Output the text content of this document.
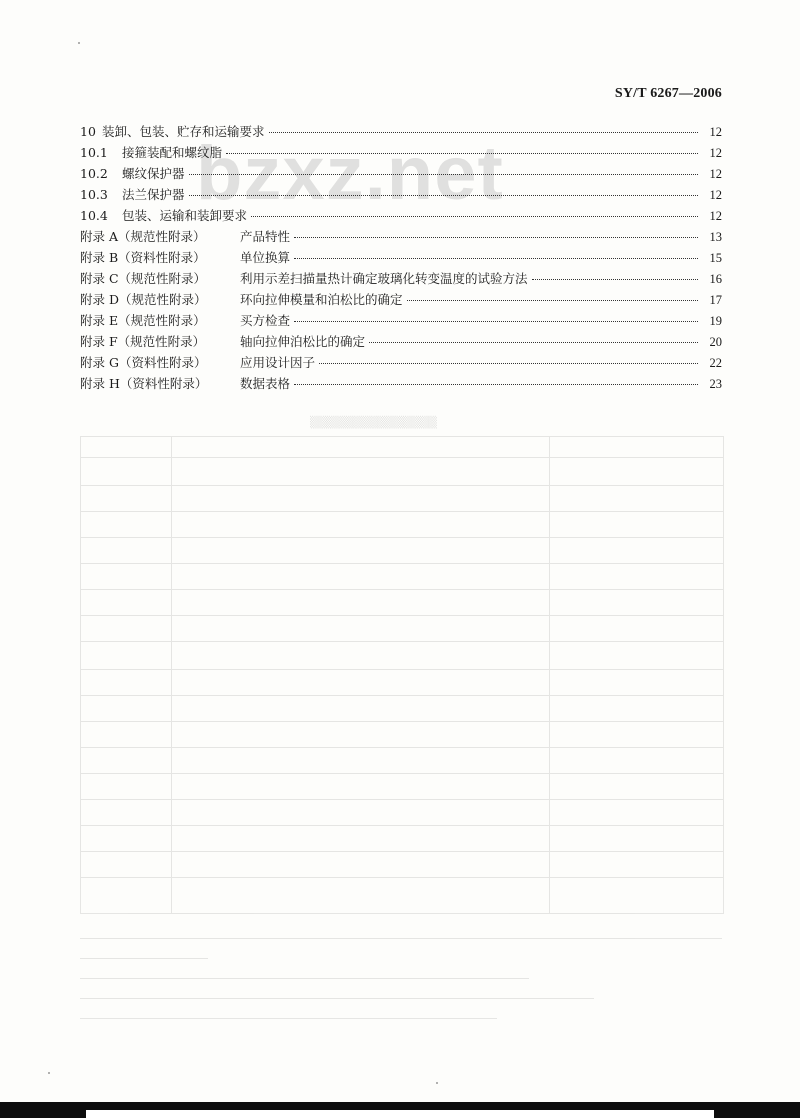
SY/T 6267—2006
▒▒▒▒▒▒▒▒▒▒▒▒▒▒▒
bzxz.net
10 装卸、包装、贮存和运输要求	12
10.1	接箍装配和螺纹脂	12
10.2	螺纹保护器	12
10.3	法兰保护器	12
10.4	包装、运输和装卸要求	12
附录 A（规范性附录）	产品特性	13
附录 B（资料性附录）	单位换算	15
附录 C（规范性附录）	利用示差扫描量热计确定玻璃化转变温度的试验方法	16
附录 D（规范性附录）	环向拉伸模量和泊松比的确定	17
附录 E（规范性附录）	买方检查	19
附录 F（规范性附录）	轴向拉伸泊松比的确定	20
附录 G（资料性附录）	应用设计因子	22
附录 H（资料性附录）	数据表格	23
